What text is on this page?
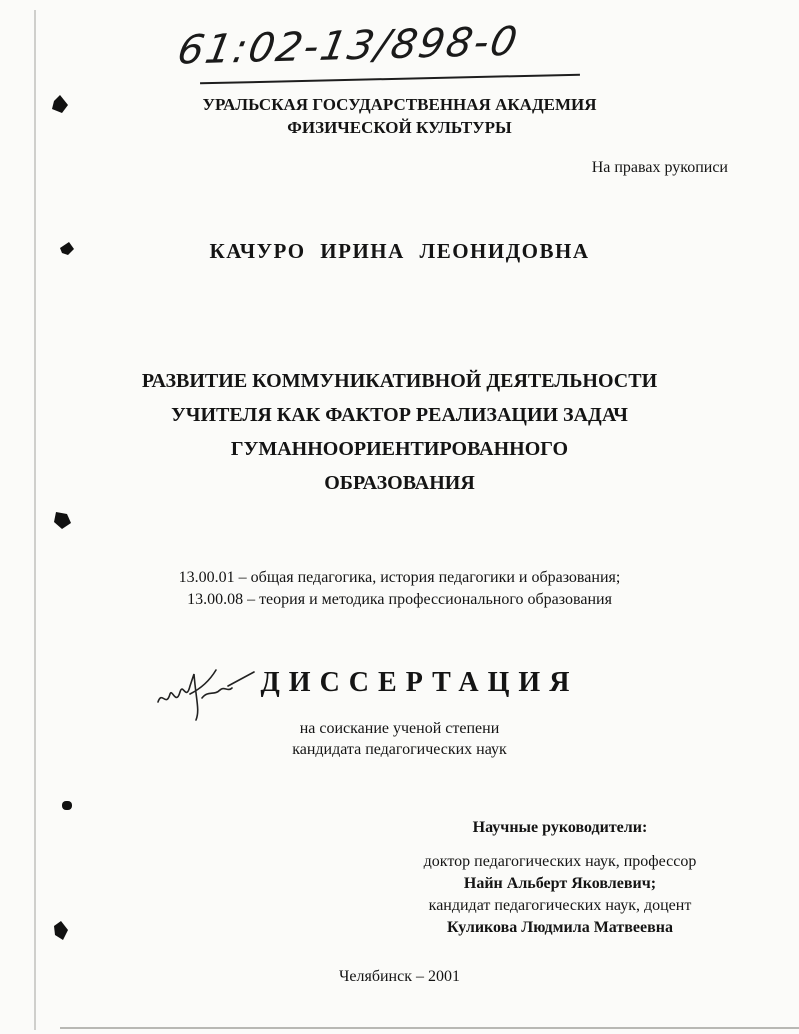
61:02-13/898-0
УРАЛЬСКАЯ ГОСУДАРСТВЕННАЯ АКАДЕМИЯ
ФИЗИЧЕСКОЙ КУЛЬТУРЫ
На правах рукописи
КАЧУРО ИРИНА ЛЕОНИДОВНА
РАЗВИТИЕ КОММУНИКАТИВНОЙ ДЕЯТЕЛЬНОСТИ
УЧИТЕЛЯ КАК ФАКТОР РЕАЛИЗАЦИИ ЗАДАЧ
ГУМАННООРИЕНТИРОВАННОГО
ОБРАЗОВАНИЯ
13.00.01 – общая педагогика, история педагогики и образования;
13.00.08 – теория и методика профессионального образования
ДИССЕРТАЦИЯ
на соискание ученой степени
кандидата педагогических наук
Научные руководители:
доктор педагогических наук, профессор
Найн Альберт Яковлевич;
кандидат педагогических наук, доцент
Куликова Людмила Матвеевна
Челябинск – 2001
